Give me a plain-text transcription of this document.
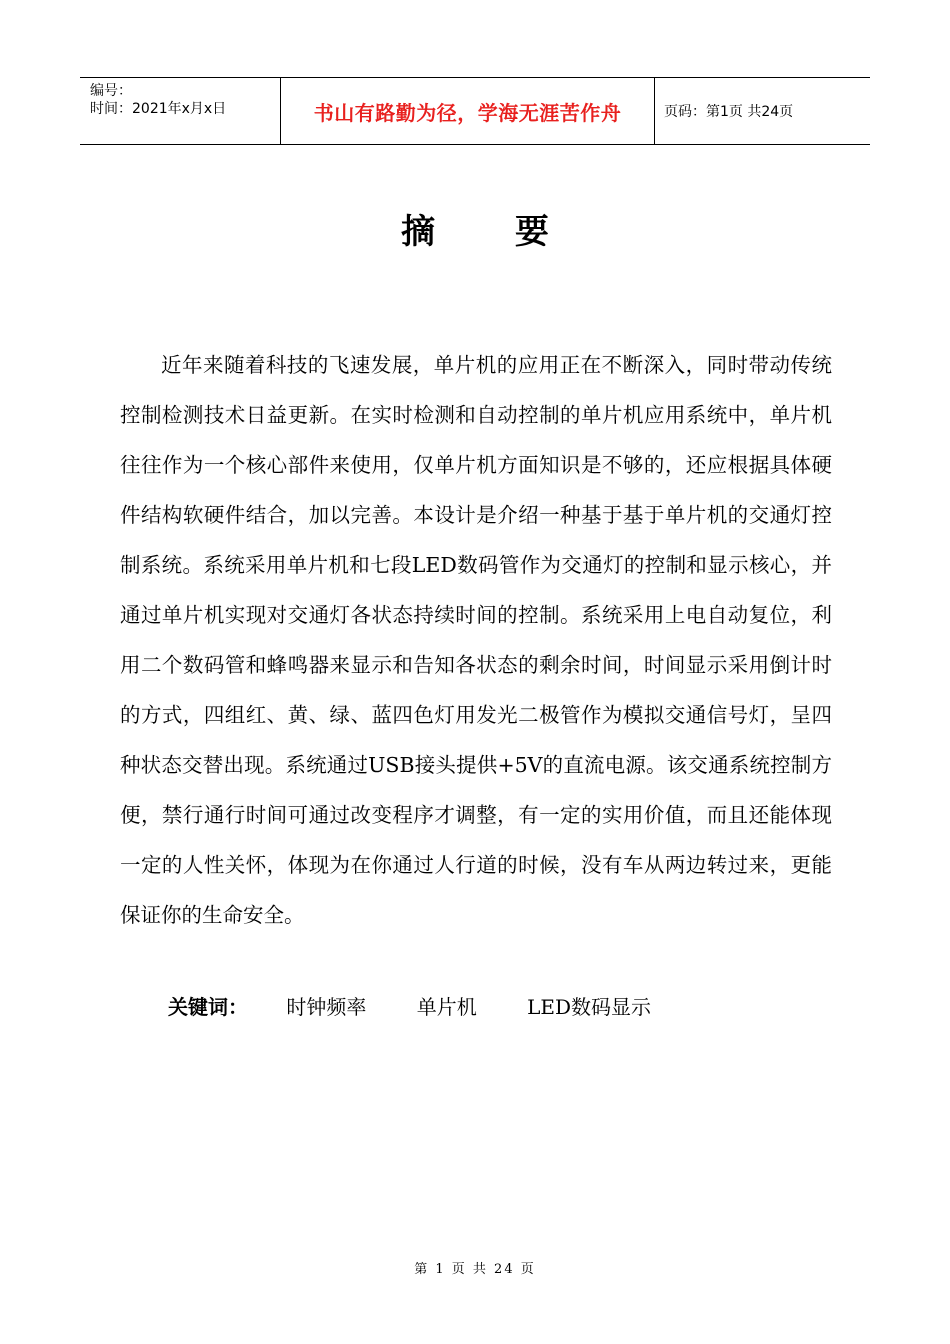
编号：
时间：2021年x月x日	书山有路勤为径，学海无涯苦作舟	页码：第1页 共24页
摘 要

近年来随着科技的飞速发展，单片机的应用正在不断深入，同时带动传统控制检测技术日益更新。在实时检测和自动控制的单片机应用系统中，单片机往往作为一个核心部件来使用，仅单片机方面知识是不够的，还应根据具体硬件结构软硬件结合，加以完善。本设计是介绍一种基于基于单片机的交通灯控制系统。系统采用单片机和七段LED数码管作为交通灯的控制和显示核心，并通过单片机实现对交通灯各状态持续时间的控制。系统采用上电自动复位，利用二个数码管和蜂鸣器来显示和告知各状态的剩余时间，时间显示采用倒计时的方式，四组红、黄、绿、蓝四色灯用发光二极管作为模拟交通信号灯，呈四种状态交替出现。系统通过USB接头提供+5V的直流电源。该交通系统控制方便，禁行通行时间可通过改变程序才调整，有一定的实用价值，而且还能体现一定的人性关怀，体现为在你通过人行道的时候，没有车从两边转过来，更能保证你的生命安全。

关键词： 时钟频率	单片机	LED数码显示
第 1 页 共 24 页
